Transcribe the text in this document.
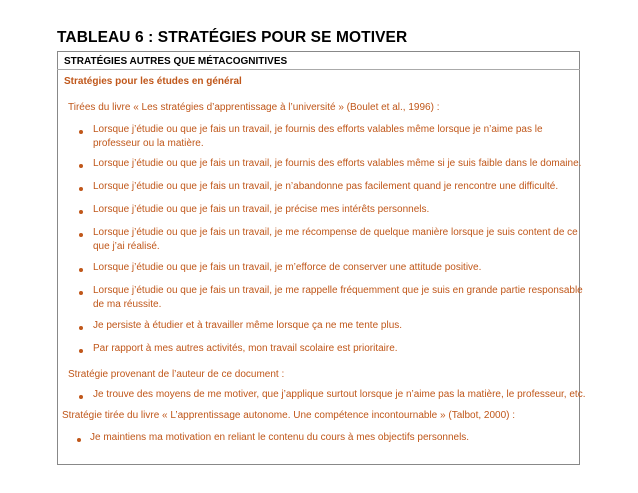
TABLEAU 6 : STRATÉGIES POUR SE MOTIVER
STRATÉGIES AUTRES QUE MÉTACOGNITIVES
Stratégies pour les études en général
Tirées du livre « Les stratégies d’apprentissage à l’université » (Boulet et al., 1996) :
Lorsque j’étudie ou que je fais un travail, je fournis des efforts valables même lorsque je n’aime pas le
professeur ou la matière.
Lorsque j’étudie ou que je fais un travail, je fournis des efforts valables même si je suis faible dans le domaine.
Lorsque j’étudie ou que je fais un travail, je n’abandonne pas facilement quand je rencontre une difficulté.
Lorsque j’étudie ou que je fais un travail, je précise mes intérêts personnels.
Lorsque j’étudie ou que je fais un travail, je me récompense de quelque manière lorsque je suis content de ce
que j’ai réalisé.
Lorsque j’étudie ou que je fais un travail, je m’efforce de conserver une attitude positive.
Lorsque j’étudie ou que je fais un travail, je me rappelle fréquemment que je suis en grande partie responsable
de ma réussite.
Je persiste à étudier et à travailler même lorsque ça ne me tente plus.
Par rapport à mes autres activités, mon travail scolaire est prioritaire.
Stratégie provenant de l’auteur de ce document :
Je trouve des moyens de me motiver, que j’applique surtout lorsque je n’aime pas la matière, le professeur, etc.
Stratégie tirée du livre « L’apprentissage autonome. Une compétence incontournable » (Talbot, 2000) :
Je maintiens ma motivation en reliant le contenu du cours à mes objectifs personnels.
